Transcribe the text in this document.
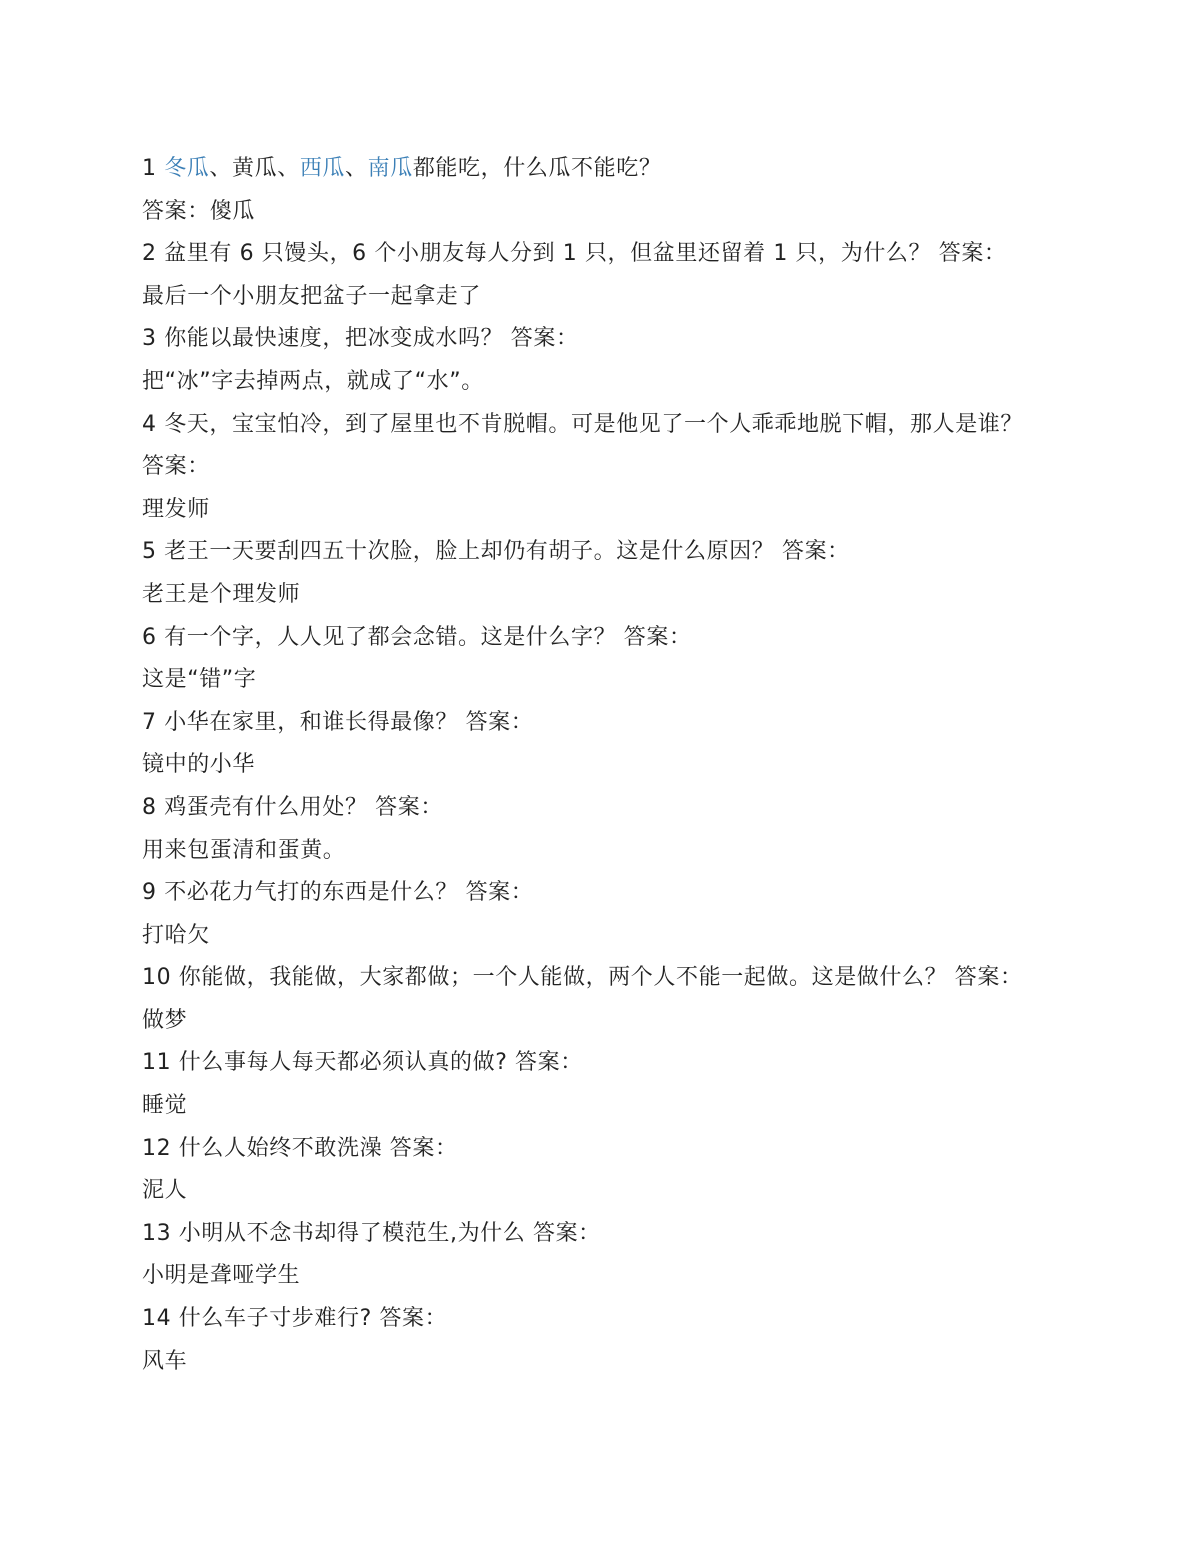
1 冬瓜、黄瓜、西瓜、南瓜都能吃，什么瓜不能吃？
答案：傻瓜
2 盆里有 6 只馒头，6 个小朋友每人分到 1 只，但盆里还留着 1 只，为什么？ 答案：
最后一个小朋友把盆子一起拿走了
3 你能以最快速度，把冰变成水吗？ 答案：
把“冰”字去掉两点，就成了“水”。
4 冬天，宝宝怕冷，到了屋里也不肯脱帽。可是他见了一个人乖乖地脱下帽，那人是谁？
答案：
理发师
5 老王一天要刮四五十次脸，脸上却仍有胡子。这是什么原因？ 答案：
老王是个理发师
6 有一个字，人人见了都会念错。这是什么字？ 答案：
这是“错”字
7 小华在家里，和谁长得最像？ 答案：
镜中的小华
8 鸡蛋壳有什么用处？ 答案：
用来包蛋清和蛋黄。
9 不必花力气打的东西是什么？ 答案：
打哈欠
10 你能做，我能做，大家都做；一个人能做，两个人不能一起做。这是做什么？ 答案：
做梦
11 什么事每人每天都必须认真的做? 答案：
睡觉
12 什么人始终不敢洗澡 答案：
泥人
13 小明从不念书却得了模范生,为什么 答案：
小明是聋哑学生
14 什么车子寸步难行? 答案：
风车
